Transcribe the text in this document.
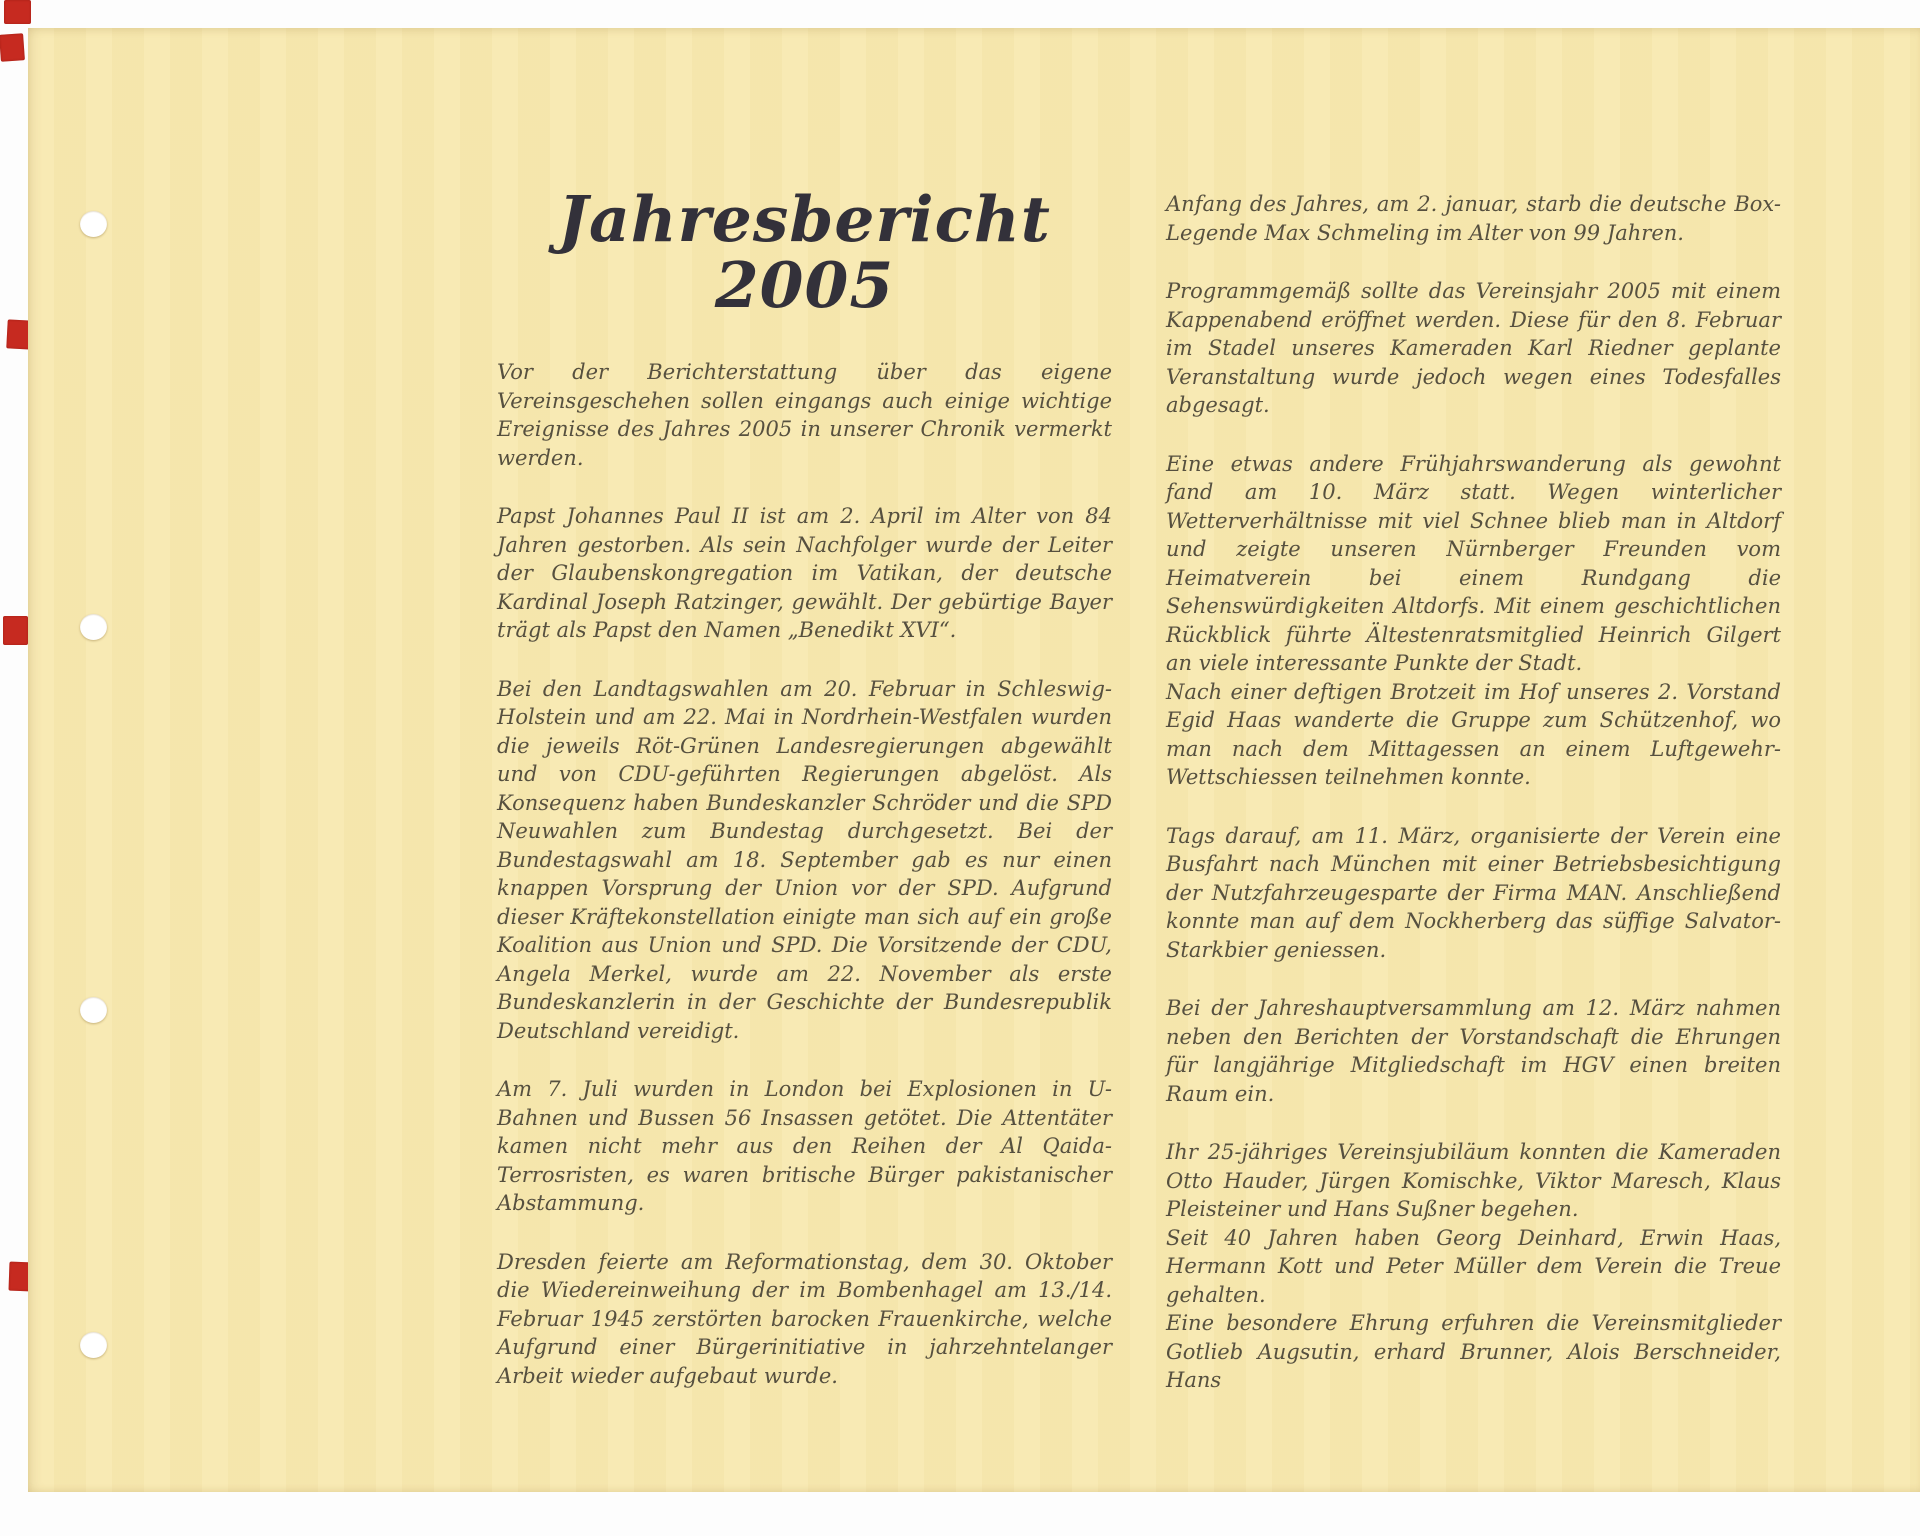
Jahresbericht 2005

Vor der Berichterstattung über das eigene Vereinsgeschehen sollen eingangs auch einige wichtige Ereignisse des Jahres 2005 in unserer Chronik vermerkt werden.

Papst Johannes Paul II ist am 2. April im Alter von 84 Jahren gestorben. Als sein Nachfolger wurde der Leiter der Glaubenskongregation im Vatikan, der deutsche Kardinal Joseph Ratzinger, gewählt. Der gebürtige Bayer trägt als Papst den Namen „Benedikt XVI“.

Bei den Landtagswahlen am 20. Februar in Schleswig-Holstein und am 22. Mai in Nordrhein-Westfalen wurden die jeweils Röt-Grünen Landesregierungen abgewählt und von CDU-geführten Regierungen abgelöst. Als Konsequenz haben Bundeskanzler Schröder und die SPD Neuwahlen zum Bundestag durchgesetzt. Bei der Bundestagswahl am 18. September gab es nur einen knappen Vorsprung der Union vor der SPD. Aufgrund dieser Kräftekonstellation einigte man sich auf ein große Koalition aus Union und SPD. Die Vorsitzende der CDU, Angela Merkel, wurde am 22. November als erste Bundeskanzlerin in der Geschichte der Bundesrepublik Deutschland vereidigt.

Am 7. Juli wurden in London bei Explosionen in U-Bahnen und Bussen 56 Insassen getötet. Die Attentäter kamen nicht mehr aus den Reihen der Al Qaida-Terrosristen, es waren britische Bürger pakistanischer Abstammung.

Dresden feierte am Reformationstag, dem 30. Oktober die Wiedereinweihung der im Bombenhagel am 13./14. Februar 1945 zerstörten barocken Frauenkirche, welche Aufgrund einer Bürgerinitiative in jahrzehntelanger Arbeit wieder aufgebaut wurde.

Anfang des Jahres, am 2. januar, starb die deutsche Box-Legende Max Schmeling im Alter von 99 Jahren.

Programmgemäß sollte das Vereinsjahr 2005 mit einem Kappenabend eröffnet werden. Diese für den 8. Februar im Stadel unseres Kameraden Karl Riedner geplante Veranstaltung wurde jedoch wegen eines Todesfalles abgesagt.

Eine etwas andere Frühjahrswanderung als gewohnt fand am 10. März statt. Wegen winterlicher Wetterverhältnisse mit viel Schnee blieb man in Altdorf und zeigte unseren Nürnberger Freunden vom Heimatverein bei einem Rundgang die Sehenswürdigkeiten Altdorfs. Mit einem geschichtlichen Rückblick führte Ältestenratsmitglied Heinrich Gilgert an viele interessante Punkte der Stadt.
Nach einer deftigen Brotzeit im Hof unseres 2. Vorstand Egid Haas wanderte die Gruppe zum Schützenhof, wo man nach dem Mittagessen an einem Luftgewehr-Wettschiessen teilnehmen konnte.

Tags darauf, am 11. März, organisierte der Verein eine Busfahrt nach München mit einer Betriebsbesichtigung der Nutzfahrzeugesparte der Firma MAN. Anschließend konnte man auf dem Nockherberg das süffige Salvator-Starkbier geniessen.

Bei der Jahreshauptversammlung am 12. März nahmen neben den Berichten der Vorstandschaft die Ehrungen für langjährige Mitgliedschaft im HGV einen breiten Raum ein.

Ihr 25-jähriges Vereinsjubiläum konnten die Kameraden Otto Hauder, Jürgen Komischke, Viktor Maresch, Klaus Pleisteiner und Hans Sußner begehen.
Seit 40 Jahren haben Georg Deinhard, Erwin Haas, Hermann Kott und Peter Müller dem Verein die Treue gehalten.
Eine besondere Ehrung erfuhren die Vereinsmitglieder Gotlieb Augsutin, erhard Brunner, Alois Berschneider, Hans
